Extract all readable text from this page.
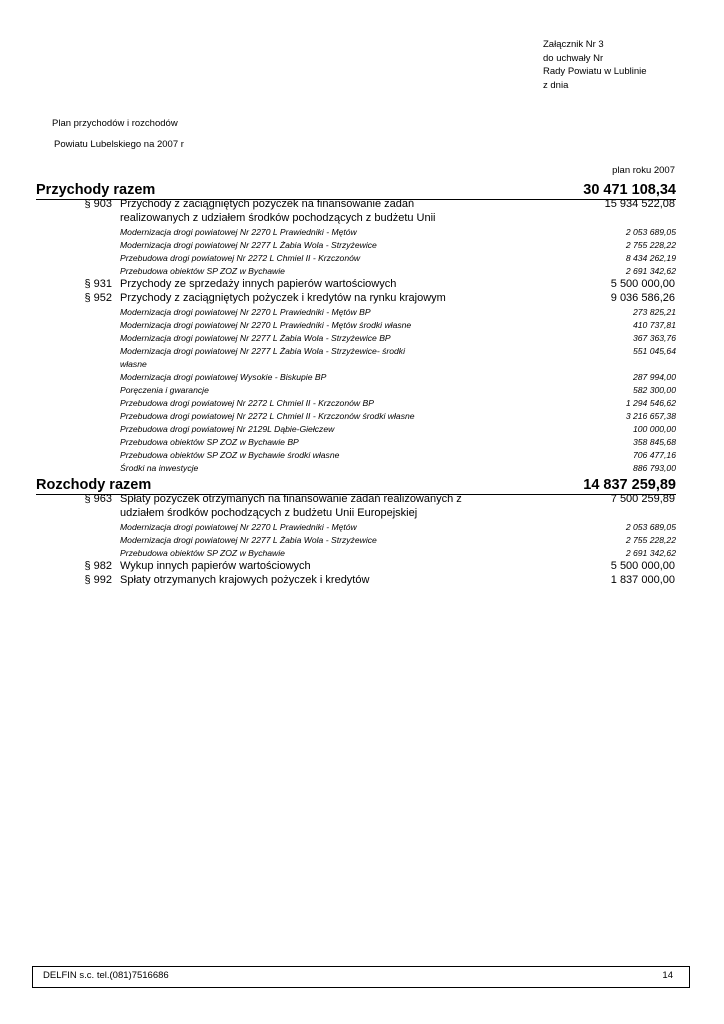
Załącznik Nr 3
do uchwały Nr
Rady Powiatu w Lublinie
z dnia
Plan przychodów i rozchodów
Powiatu Lubelskiego na 2007 r
plan roku 2007
Przychody razem	30 471 108,34
§ 903 Przychody z zaciągniętych pożyczek na finansowanie zadań	15 934 522,08
realizowanych z udziałem środków pochodzących z budżetu Unii
Modernizacja drogi powiatowej Nr 2270 L Prawiedniki - Mętów	2 053 689,05
Modernizacja drogi powiatowej Nr 2277 L Żabia Wola - Strzyżewice	2 755 228,22
Przebudowa drogi powiatowej Nr 2272 L Chmiel II - Krzczonów	8 434 262,19
Przebudowa obiektów SP ZOZ w Bychawie	2 691 342,62
§ 931 Przychody ze sprzedaży innych papierów wartościowych	5 500 000,00
§ 952 Przychody z zaciągniętych pożyczek i kredytów na rynku krajowym	9 036 586,26
Modernizacja drogi powiatowej Nr 2270 L Prawiedniki - Mętów BP	273 825,21
Modernizacja drogi powiatowej Nr 2270 L Prawiedniki - Mętów środki własne	410 737,81
Modernizacja drogi powiatowej Nr 2277 L Żabia Wola - Strzyżewice BP	367 363,76
Modernizacja drogi powiatowej Nr 2277 L Żabia Wola - Strzyżewice- środki	551 045,64
własne
Modernizacja drogi powiatowej Wysokie - Biskupie BP	287 994,00
Poręczenia i gwarancje	582 300,00
Przebudowa drogi powiatowej Nr 2272 L Chmiel II - Krzczonów BP	1 294 546,62
Przebudowa drogi powiatowej Nr 2272 L Chmiel II - Krzczonów środki własne	3 216 657,38
Przebudowa drogi powiatowej Nr 2129L Dąbie-Giełczew	100 000,00
Przebudowa obiektów SP ZOZ w Bychawie BP	358 845,68
Przebudowa obiektów SP ZOZ w Bychawie środki własne	706 477,16
Środki na inwestycje	886 793,00
Rozchody razem	14 837 259,89
§ 963 Spłaty pożyczek otrzymanych na finansowanie zadań realizowanych z	7 500 259,89
udziałem środków pochodzących z budżetu Unii Europejskiej
Modernizacja drogi powiatowej Nr 2270 L Prawiedniki - Mętów	2 053 689,05
Modernizacja drogi powiatowej Nr 2277 L Żabia Wola - Strzyżewice	2 755 228,22
Przebudowa obiektów SP ZOZ w Bychawie	2 691 342,62
§ 982 Wykup innych papierów wartościowych	5 500 000,00
§ 992 Spłaty otrzymanych krajowych pożyczek i kredytów	1 837 000,00
DELFIN s.c. tel.(081)7516686	14
